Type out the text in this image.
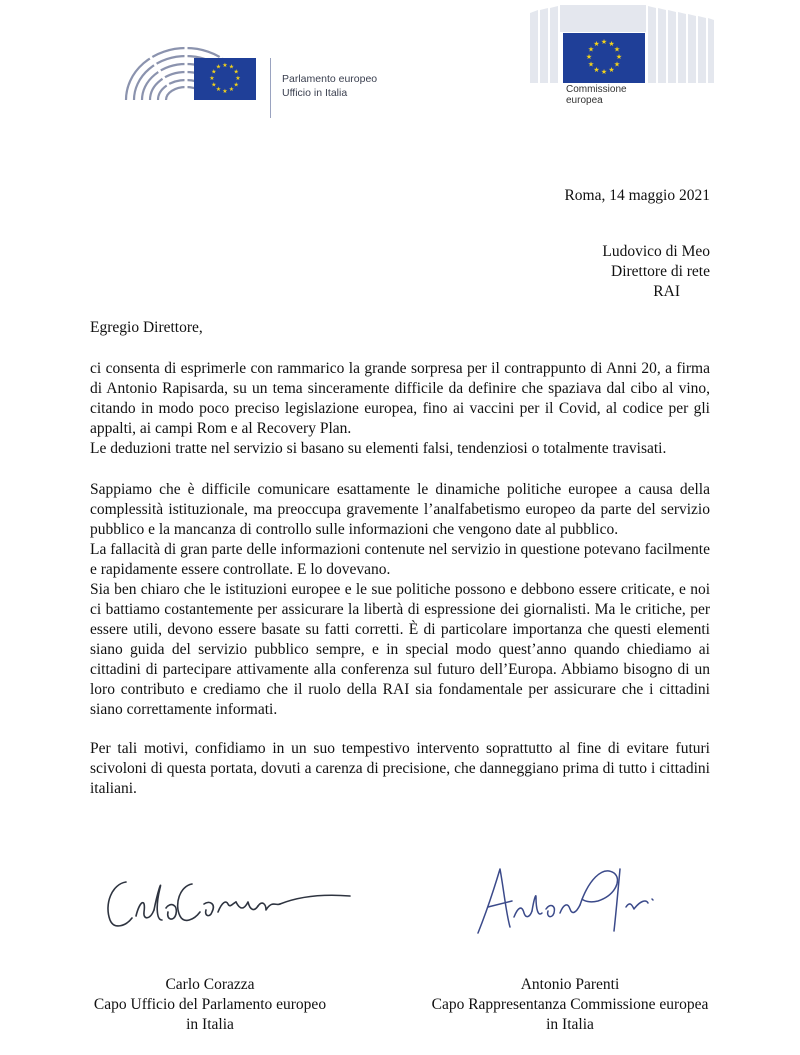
★ ★
★
★
★
★
★
★
★
★
★
★
Parlamento europeo
Ufficio in Italia
★ ★
★
★
★
★
★
★
★
★
★
★
Commissione
europea
Roma, 14 maggio 2021
Ludovico di Meo
Direttore di rete
RAI
Egregio Direttore,
ci consenta di esprimerle con rammarico la grande sorpresa per il contrappunto di Anni 20, a firma di Antonio Rapisarda, su un tema sinceramente difficile da definire che spaziava dal cibo al vino, citando in modo poco preciso legislazione europea, fino ai vaccini per il Covid, al codice per gli appalti, ai campi Rom e al Recovery Plan.
Le deduzioni tratte nel servizio si basano su elementi falsi, tendenziosi o totalmente travisati.
Sappiamo che è difficile comunicare esattamente le dinamiche politiche europee a causa della complessità istituzionale, ma preoccupa gravemente l’analfabetismo europeo da parte del servizio pubblico e la mancanza di controllo sulle informazioni che vengono date al pubblico.
La fallacità di gran parte delle informazioni contenute nel servizio in questione potevano facilmente e rapidamente essere controllate. E lo dovevano.
Sia ben chiaro che le istituzioni europee e le sue politiche possono e debbono essere criticate, e noi ci battiamo costantemente per assicurare la libertà di espressione dei giornalisti. Ma le critiche, per essere utili, devono essere basate su fatti corretti. È di particolare importanza che questi elementi siano guida del servizio pubblico sempre, e in special modo quest’anno quando chiediamo ai cittadini di partecipare attivamente alla conferenza sul futuro dell’Europa. Abbiamo bisogno di un loro contributo e crediamo che il ruolo della RAI sia fondamentale per assicurare che i cittadini siano correttamente informati.
Per tali motivi, confidiamo in un suo tempestivo intervento soprattutto al fine di evitare futuri scivoloni di questa portata, dovuti a carenza di precisione, che danneggiano prima di tutto i cittadini italiani.
Carlo Corazza
Capo Ufficio del Parlamento europeo
in Italia
Antonio Parenti
Capo Rappresentanza Commissione europea
in Italia
